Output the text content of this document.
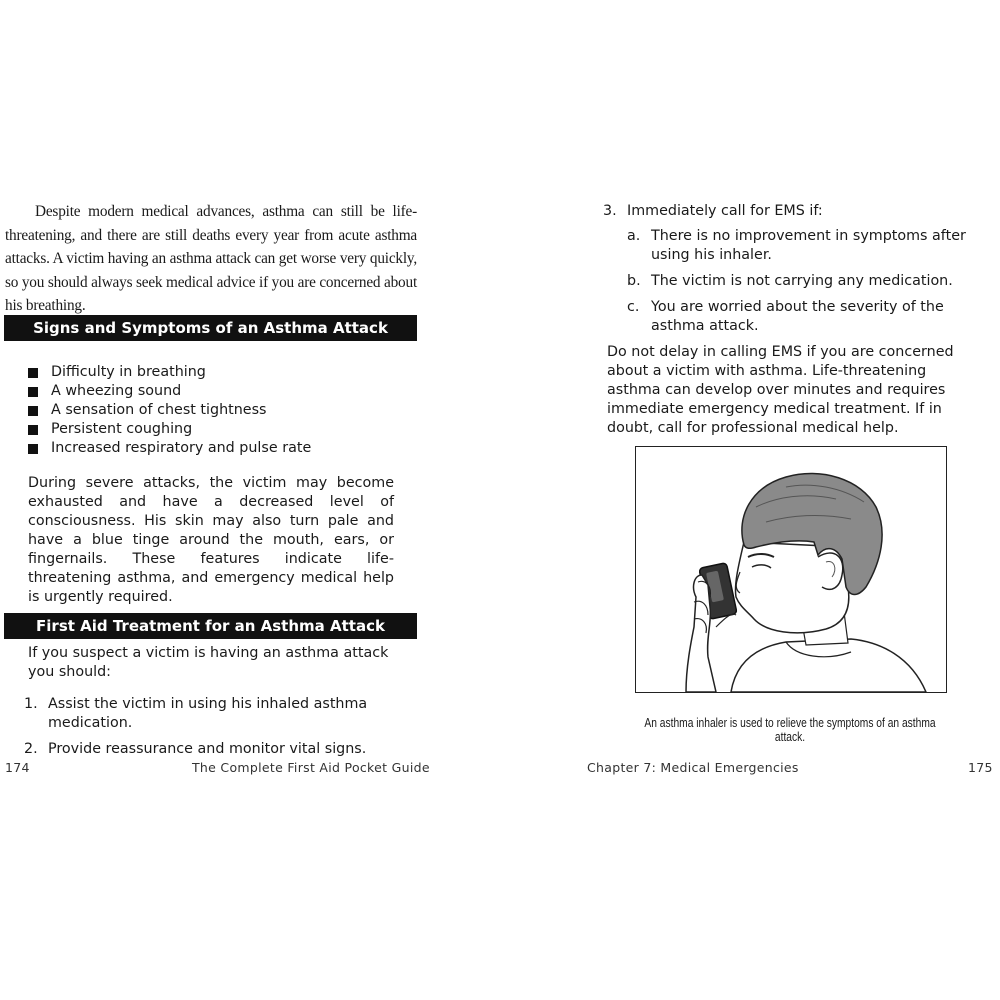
Despite modern medical advances, asthma can still be life-threatening, and there are still deaths every year from acute asthma attacks. A victim having an asthma attack can get worse very quickly, so you should always seek medical advice if you are concerned about his breathing.

Signs and Symptoms of an Asthma Attack
Difficulty in breathing
A wheezing sound
A sensation of chest tightness
Persistent coughing
Increased respiratory and pulse rate

During severe attacks, the victim may become exhausted and have a decreased level of consciousness. His skin may also turn pale and have a blue tinge around the mouth, ears, or fingernails. These features indicate life-threatening asthma, and emergency medical help is urgently required.

First Aid Treatment for an Asthma Attack

If you suspect a victim is having an asthma attack you should:

1. Assist the victim in using his inhaled asthma medication.
2. Provide reassurance and monitor vital signs.
174	The Complete First Aid Pocket Guide
3. Immediately call for EMS if:
a. There is no improvement in symptoms after using his inhaler.
b. The victim is not carrying any medication.
c. You are worried about the severity of the asthma attack.

Do not delay in calling EMS if you are concerned about a victim with asthma. Life-threatening asthma can develop over minutes and requires immediate emergency medical treatment. If in doubt, call for professional medical help.

An asthma inhaler is used to relieve the symptoms of an asthma attack.
Chapter 7: Medical Emergencies	175
